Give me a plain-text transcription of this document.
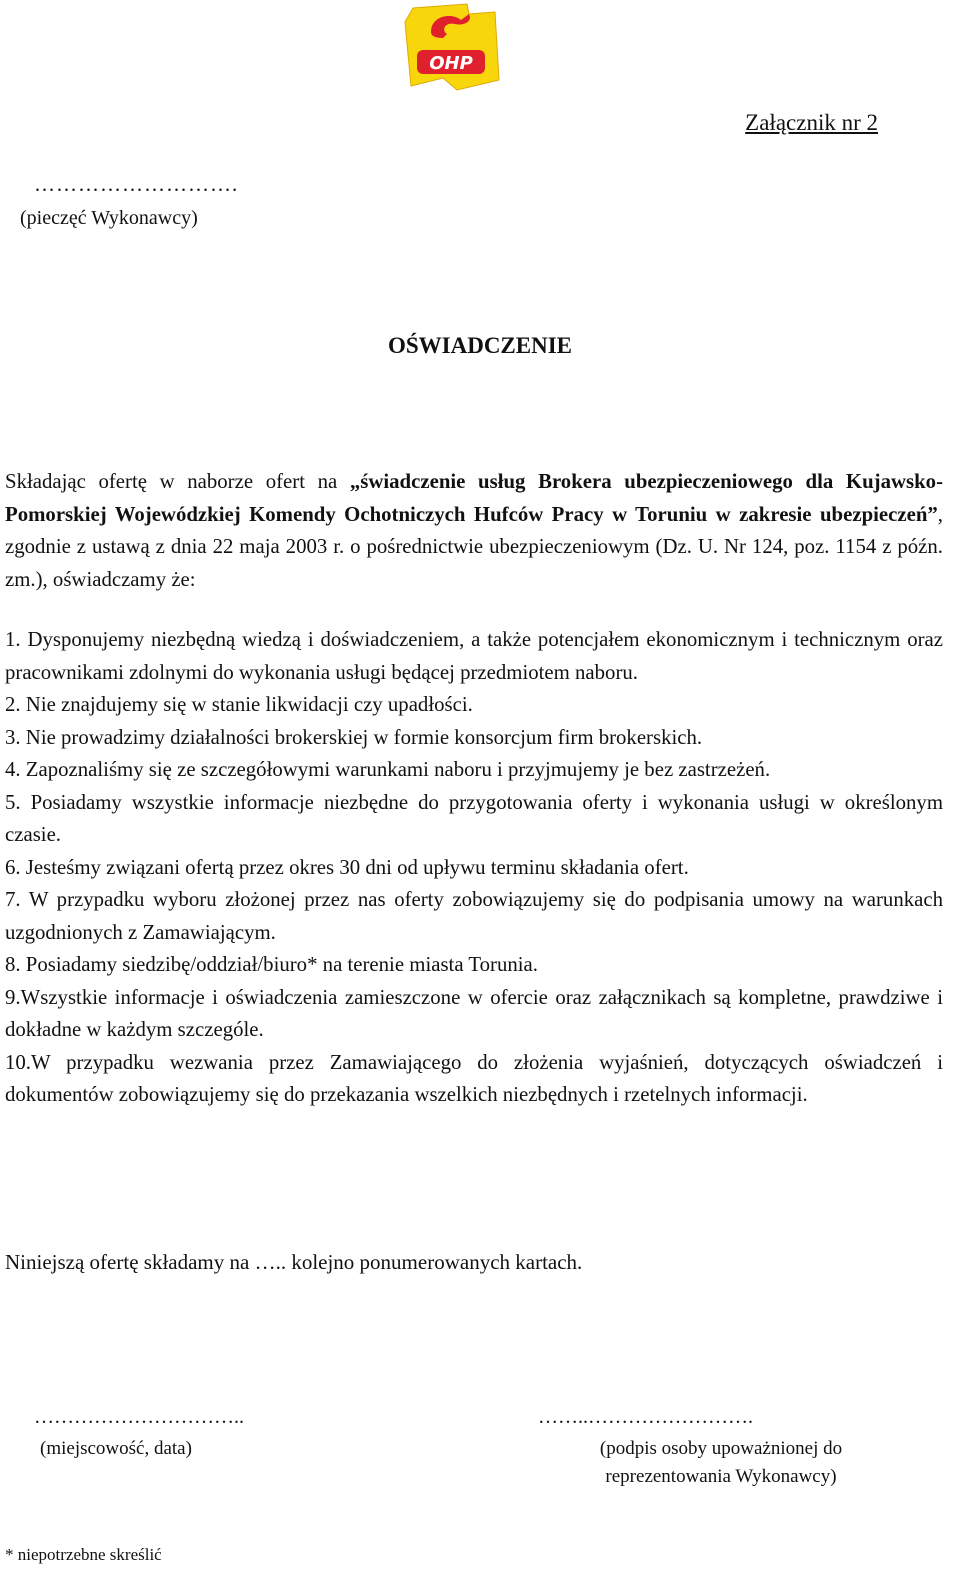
OHP
Załącznik nr 2
……………………….
(pieczęć Wykonawcy)
OŚWIADCZENIE
Składając ofertę w naborze ofert na „świadczenie usług Brokera ubezpieczeniowego dla Kujawsko-Pomorskiej Wojewódzkiej Komendy Ochotniczych Hufców Pracy w Toruniu w zakresie ubezpieczeń”, zgodnie z ustawą z dnia 22 maja 2003 r. o pośrednictwie ubezpieczeniowym (Dz. U. Nr 124, poz. 1154 z późn. zm.), oświadczamy że:

1. Dysponujemy niezbędną wiedzą i doświadczeniem, a także potencjałem ekonomicznym i technicznym oraz pracownikami zdolnymi do wykonania usługi będącej przedmiotem naboru.

2. Nie znajdujemy się w stanie likwidacji czy upadłości.

3. Nie prowadzimy działalności brokerskiej w formie konsorcjum firm brokerskich.

4. Zapoznaliśmy się ze szczegółowymi warunkami naboru i przyjmujemy je bez zastrzeżeń.

5. Posiadamy wszystkie informacje niezbędne do przygotowania oferty i wykonania usługi w określonym czasie.

6. Jesteśmy związani ofertą przez okres 30 dni od upływu terminu składania ofert.

7. W przypadku wyboru złożonej przez nas oferty zobowiązujemy się do podpisania umowy na warunkach uzgodnionych z Zamawiającym.

8. Posiadamy siedzibę/oddział/biuro* na terenie miasta Torunia.

9.Wszystkie informacje i oświadczenia zamieszczone w ofercie oraz załącznikach są kompletne, prawdziwe i dokładne w każdym szczególe.

10.W przypadku wezwania przez Zamawiającego do złożenia wyjaśnień, dotyczących oświadczeń i dokumentów zobowiązujemy się do przekazania wszelkich niezbędnych i rzetelnych informacji.

Niniejszą ofertę składamy na ….. kolejno ponumerowanych kartach.
…………………………..
(miejscowość, data)
……..…………………….
(podpis osoby upoważnionej do reprezentowania Wykonawcy)
* niepotrzebne skreślić
